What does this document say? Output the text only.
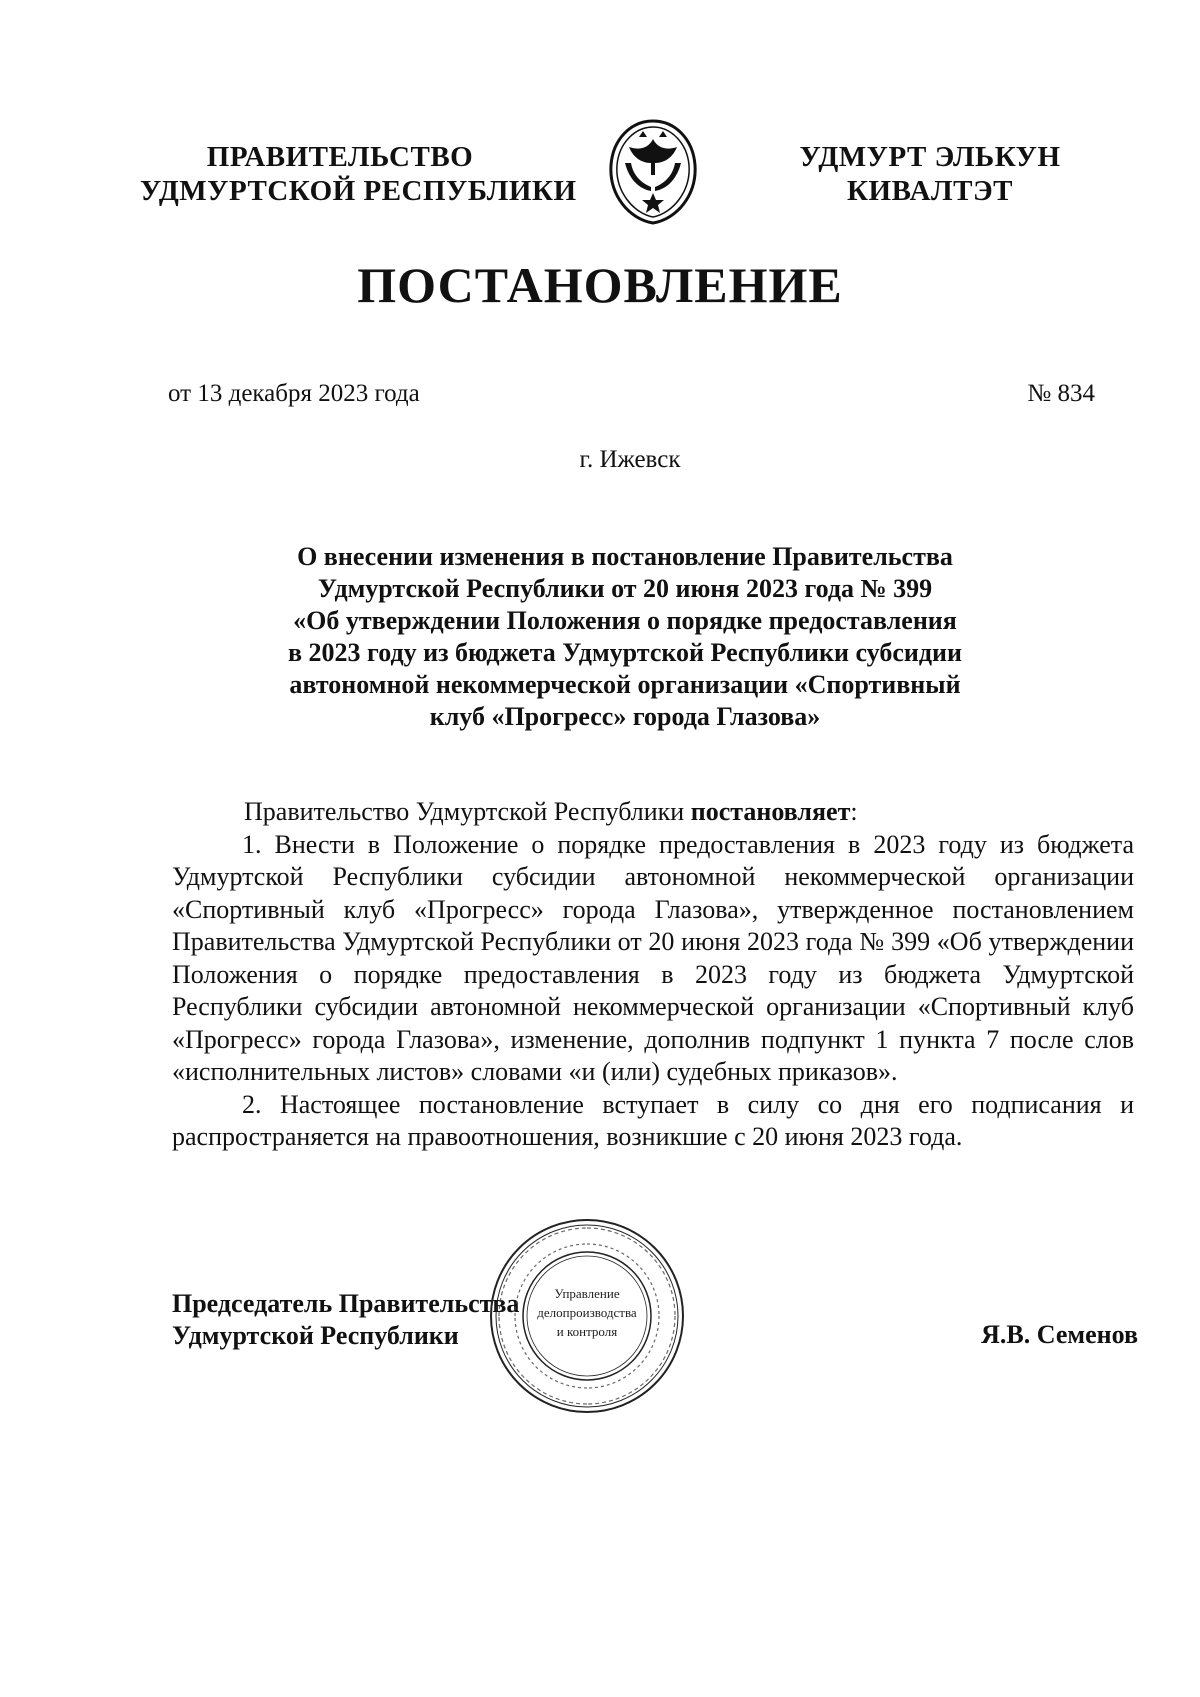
ПРАВИТЕЛЬСТВО
УДМУРТСКОЙ РЕСПУБЛИКИ
УДМУРТ ЭЛЬКУН
КИВАЛТЭТ
ПОСТАНОВЛЕНИЕ
от 13 декабря 2023 года	№ 834
г. Ижевск
О внесении изменения в постановление Правительства
Удмуртской Республики от 20 июня 2023 года № 399
«Об утверждении Положения о порядке предоставления
в 2023 году из бюджета Удмуртской Республики субсидии
автономной некоммерческой организации «Спортивный
клуб «Прогресс» города Глазова»

Правительство Удмуртской Республики постановляет:

1. Внести в Положение о порядке предоставления в 2023 году из бюджета Удмуртской Республики субсидии автономной некоммерческой организации «Спортивный клуб «Прогресс» города Глазова», утвержденное постановлением Правительства Удмуртской Республики от 20 июня 2023 года № 399 «Об утверждении Положения о порядке предоставления в 2023 году из бюджета Удмуртской Республики субсидии автономной некоммерческой организации «Спортивный клуб «Прогресс» города Глазова», изменение, дополнив подпункт 1 пункта 7 после слов «исполнительных листов» словами «и (или) судебных приказов».

2. Настоящее постановление вступает в силу со дня его подписания и распространяется на правоотношения, возникшие с 20 июня 2023 года.

Председатель Правительства
Удмуртской Республики	Я.В. Семенов
Управление
делопроизводства
и контроля
